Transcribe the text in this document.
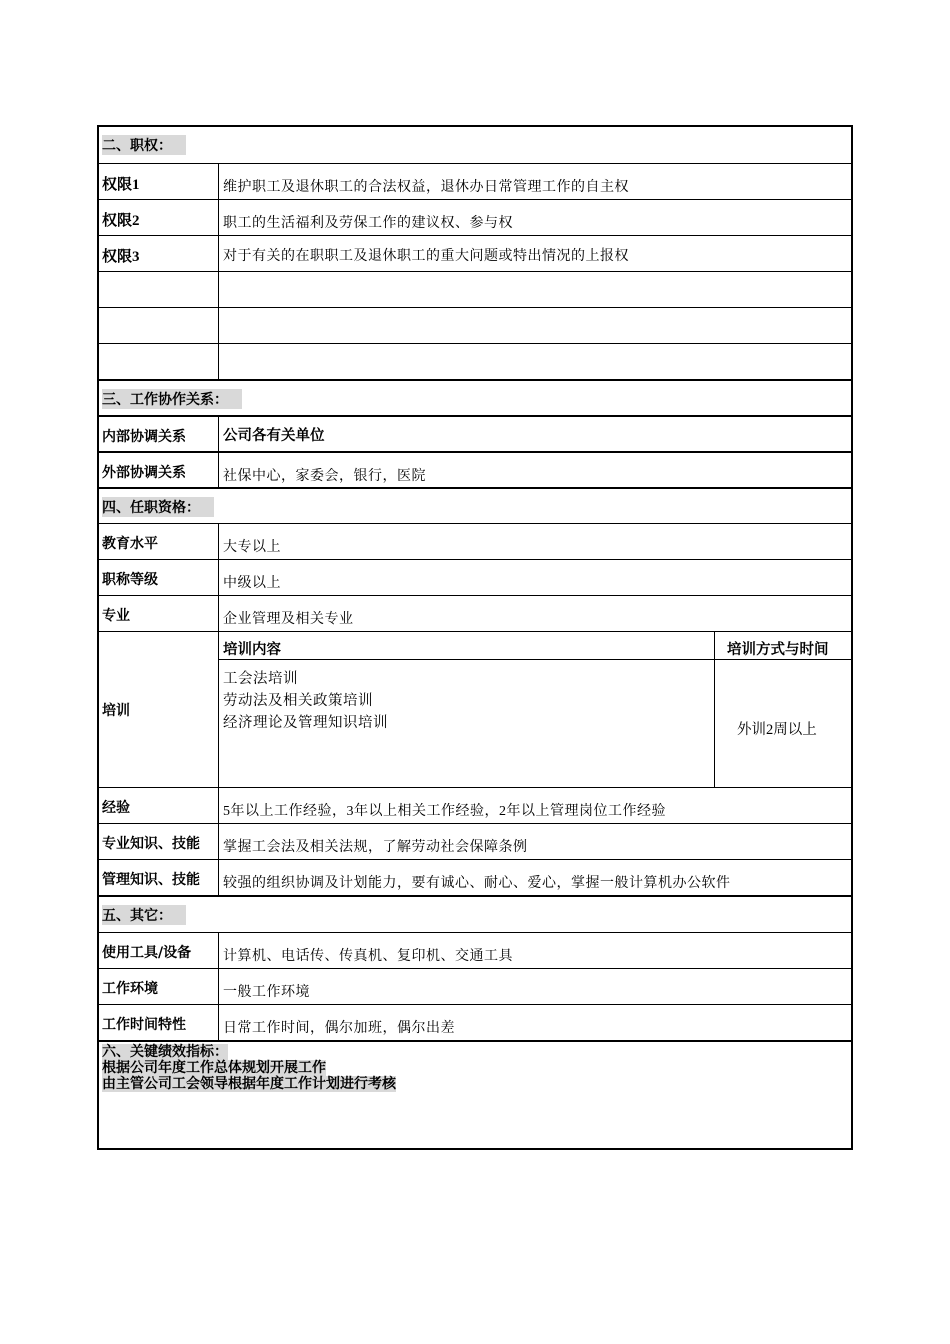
二、职权：
权限1	维护职工及退休职工的合法权益，退休办日常管理工作的自主权
权限2	职工的生活福利及劳保工作的建议权、参与权
权限3	对于有关的在职职工及退休职工的重大问题或特出情况的上报权
三、工作协作关系：
内部协调关系	公司各有关单位
外部协调关系	社保中心，家委会，银行，医院
四、任职资格：
教育水平	大专以上
职称等级	中级以上
专业	企业管理及相关专业
培训
培训内容	培训方式与时间
工会法培训
劳动法及相关政策培训
经济理论及管理知识培训	外训2周以上
经验	5年以上工作经验，3年以上相关工作经验，2年以上管理岗位工作经验
专业知识、技能 掌握工会法及相关法规，了解劳动社会保障条例
管理知识、技能 较强的组织协调及计划能力，要有诚心、耐心、爱心，掌握一般计算机办公软件
五、其它：
使用工具/设备 计算机、电话传、传真机、复印机、交通工具
工作环境	一般工作环境
工作时间特性	日常工作时间，偶尔加班，偶尔出差
六、关键绩效指标：
根据公司年度工作总体规划开展工作
由主管公司工会领导根据年度工作计划进行考核
